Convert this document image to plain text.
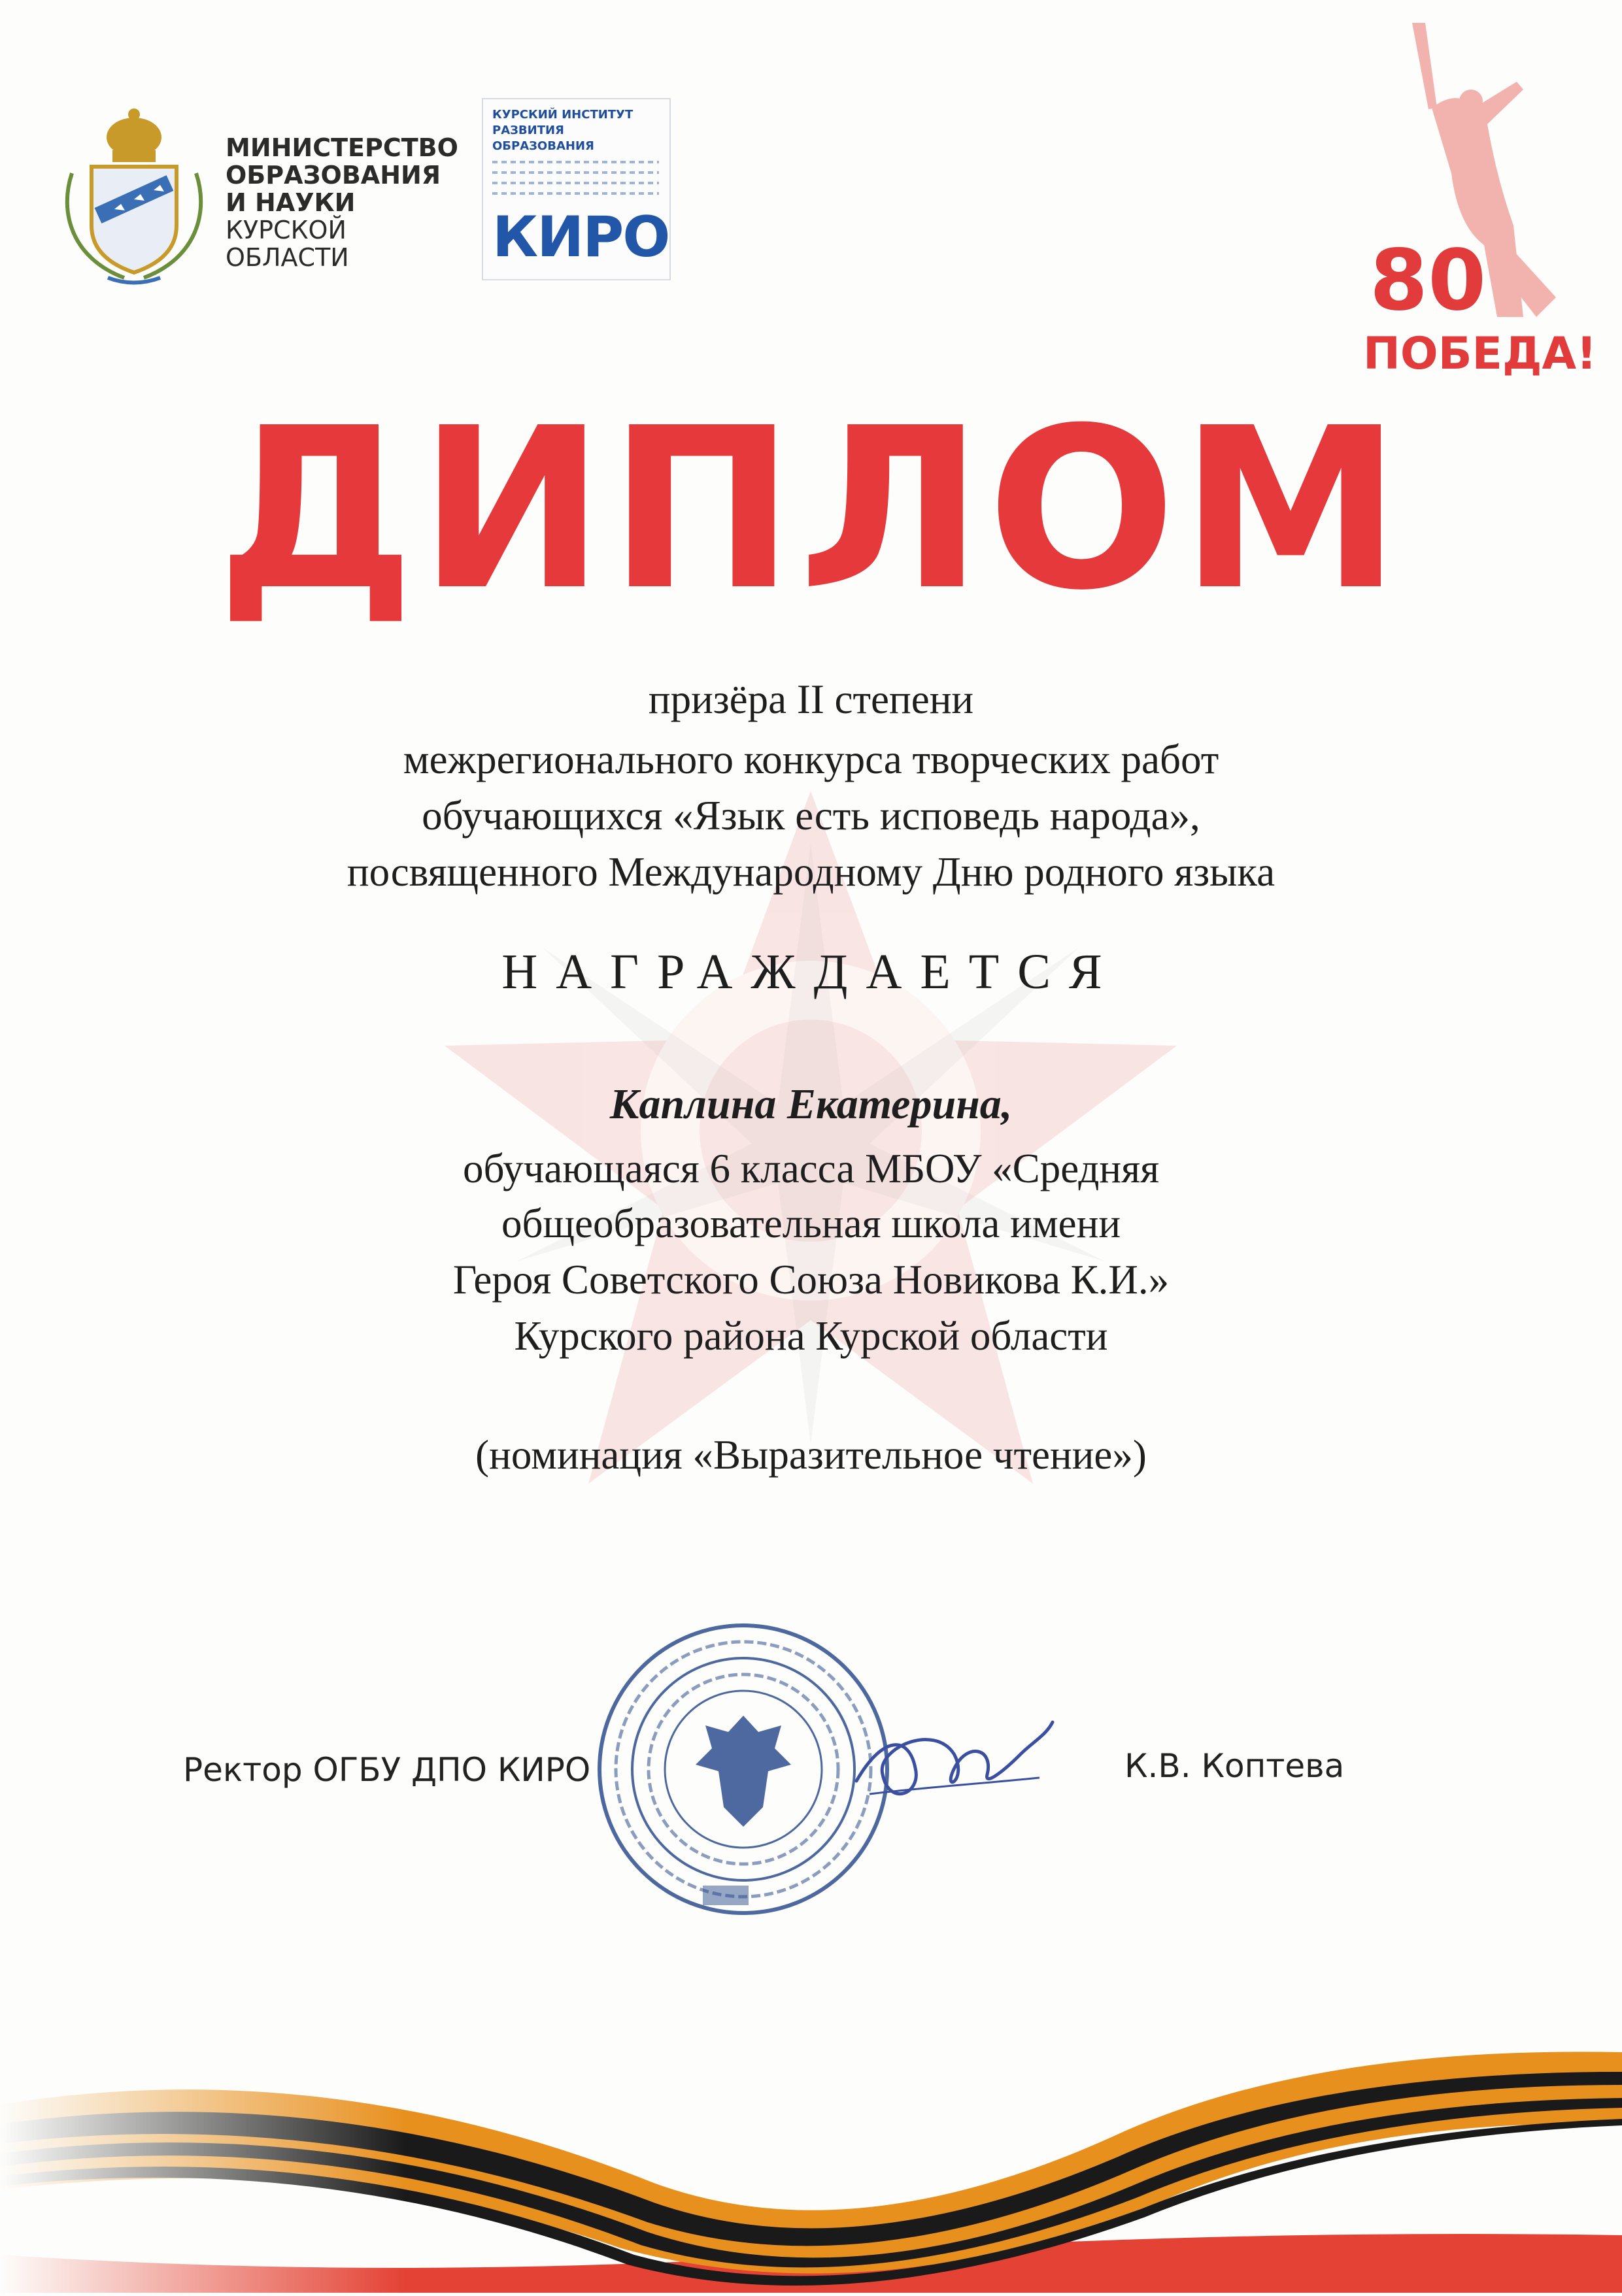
МИНИСТЕРСТВО
ОБРАЗОВАНИЯ
И НАУКИ
КУРСКОЙ
ОБЛАСТИ
КУРСКИЙ ИНСТИТУТ
РАЗВИТИЯ ОБРАЗОВАНИЯ
КИРО	80
ПОБЕДА!
ДИПЛОМ
призёра II степени
межрегионального конкурса творческих работ
обучающихся «Язык есть исповедь народа»,
посвященного Международному Дню родного языка
НАГРАЖДАЕТСЯ
Каплина Екатерина,
обучающаяся 6 класса МБОУ «Средняя
общеобразовательная школа имени
Героя Советского Союза Новикова К.И.»
Курского района Курской области
(номинация «Выразительное чтение»)
Ректор ОГБУ ДПО КИРО	К.В. Коптева
